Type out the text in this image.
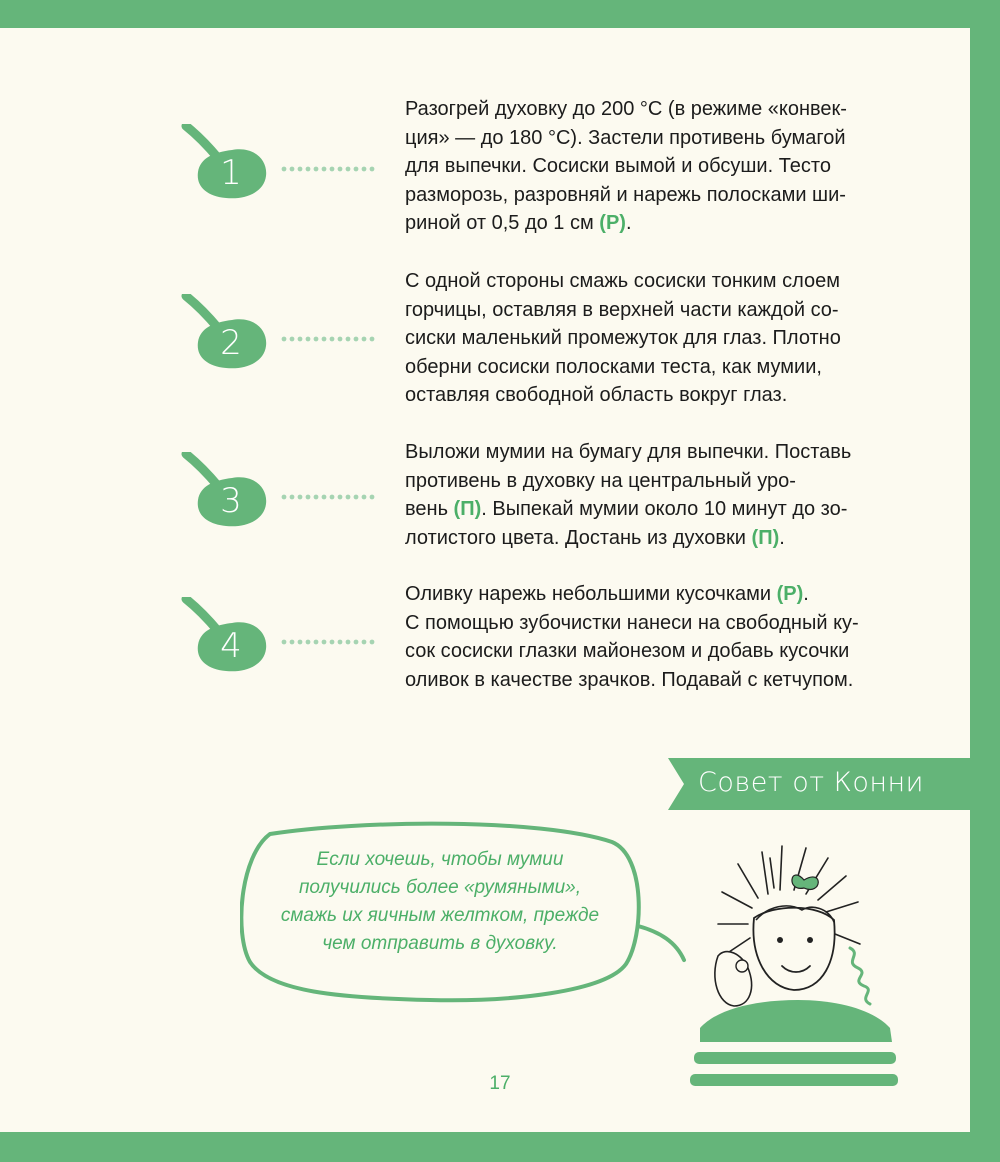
1

Разогрей духовку до 200 °С (в режиме «конвек-
ция» — до 180 °С). Застели противень бумагой
для выпечки. Сосиски вымой и обсуши. Тесто
разморозь, разровняй и нарежь полосками ши-
риной от 0,5 до 1 см (Р).

2

С одной стороны смажь сосиски тонким слоем
горчицы, оставляя в верхней части каждой со-
сиски маленький промежуток для глаз. Плотно
оберни сосиски полосками теста, как мумии,
оставляя свободной область вокруг глаз.

3

Выложи мумии на бумагу для выпечки. Поставь
противень в духовку на центральный уро-
вень (П). Выпекай мумии около 10 минут до зо-
лотистого цвета. Достань из духовки (П).

4

Оливку нарежь небольшими кусочками (Р).
С помощью зубочистки нанеси на свободный ку-
сок сосиски глазки майонезом и добавь кусочки
оливок в качестве зрачков. Подавай с кетчупом.

Совет от Конни

Если хочешь, чтобы мумии
получились более «румяными»,
смажь их яичным желтком, прежде
чем отправить в духовку.

17
